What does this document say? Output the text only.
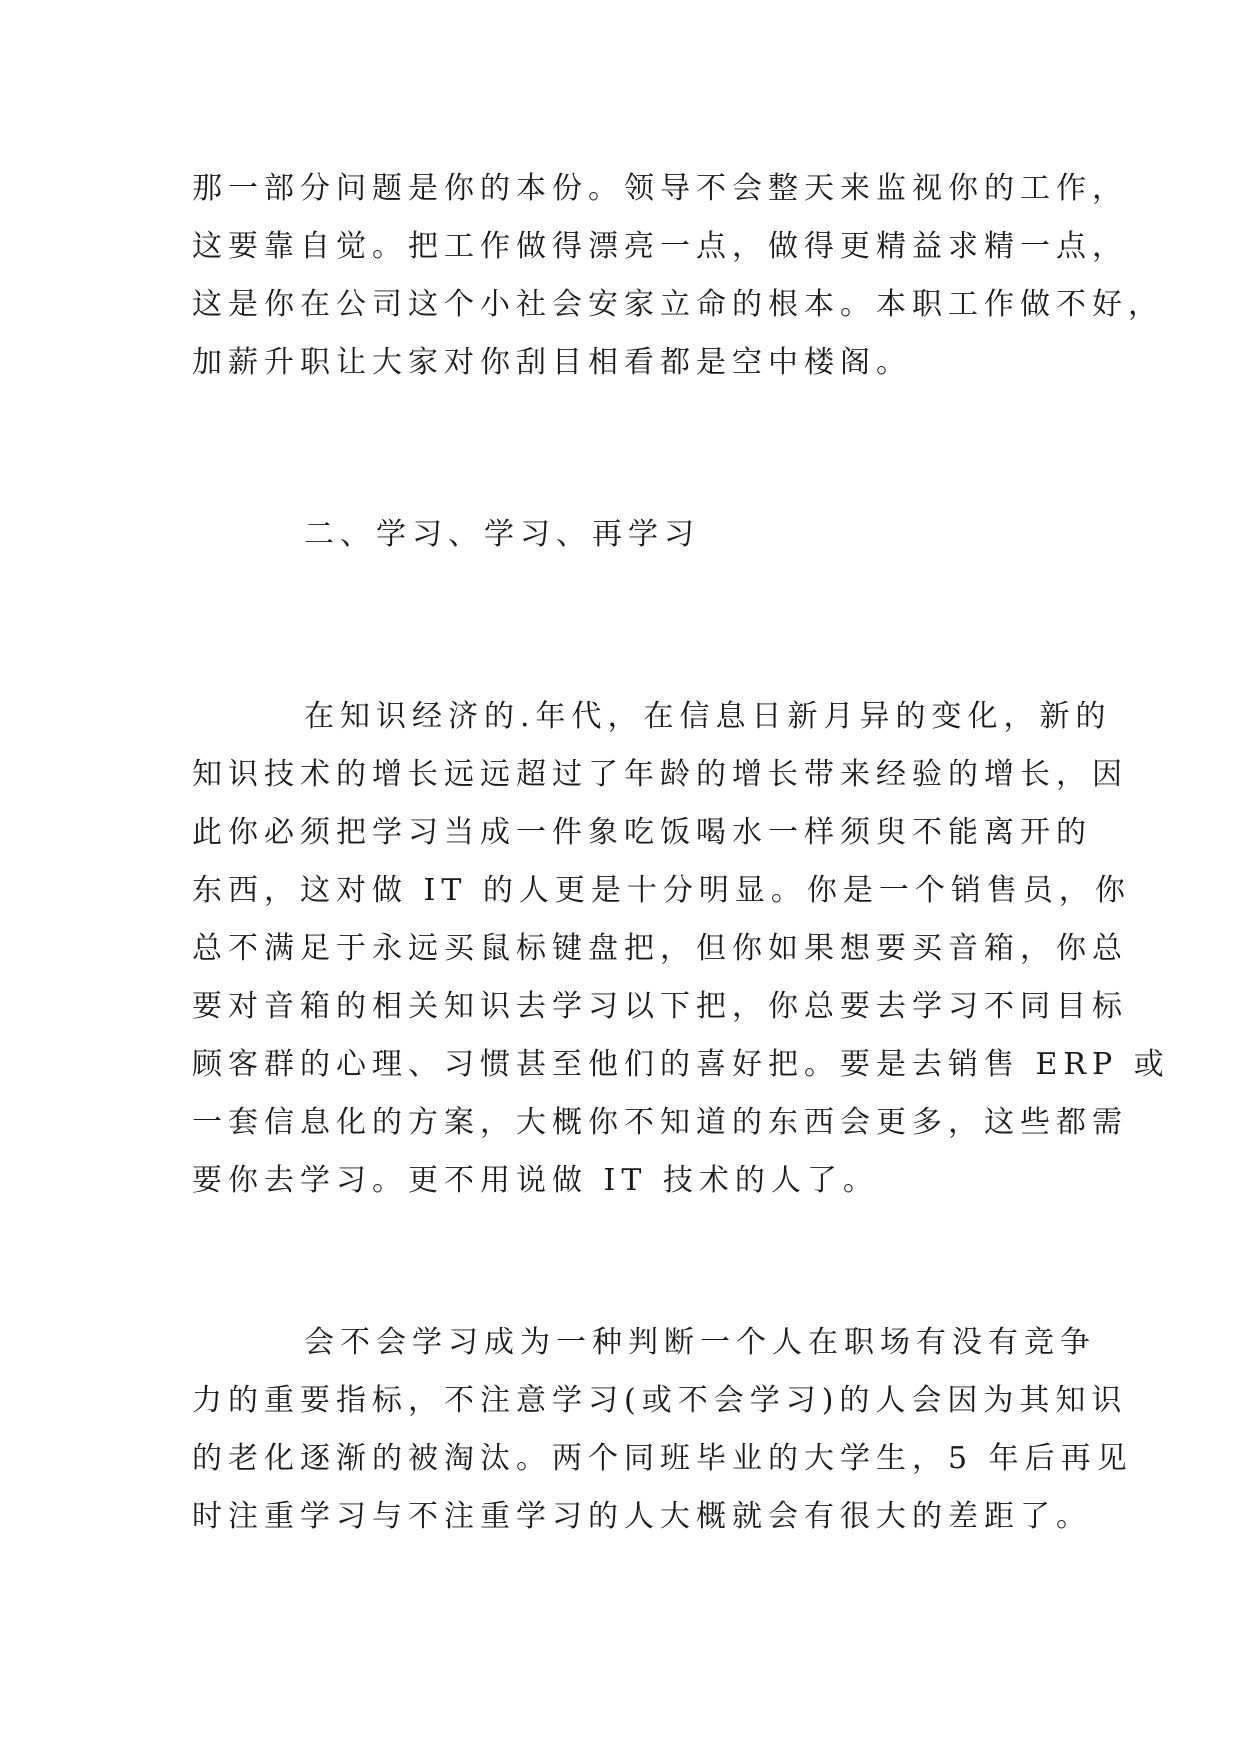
那一部分问题是你的本份。领导不会整天来监视你的工作，
这要靠自觉。把工作做得漂亮一点，做得更精益求精一点，
这是你在公司这个小社会安家立命的根本。本职工作做不好，
加薪升职让大家对你刮目相看都是空中楼阁。
二、学习、学习、再学习
在知识经济的.年代，在信息日新月异的变化，新的
知识技术的增长远远超过了年龄的增长带来经验的增长，因
此你必须把学习当成一件象吃饭喝水一样须臾不能离开的
东西，这对做 IT 的人更是十分明显。你是一个销售员，你
总不满足于永远买鼠标键盘把，但你如果想要买音箱，你总
要对音箱的相关知识去学习以下把，你总要去学习不同目标
顾客群的心理、习惯甚至他们的喜好把。要是去销售 ERP 或
一套信息化的方案，大概你不知道的东西会更多，这些都需
要你去学习。更不用说做 IT 技术的人了。
会不会学习成为一种判断一个人在职场有没有竞争
力的重要指标，不注意学习(或不会学习)的人会因为其知识
的老化逐渐的被淘汰。两个同班毕业的大学生，5 年后再见
时注重学习与不注重学习的人大概就会有很大的差距了。
